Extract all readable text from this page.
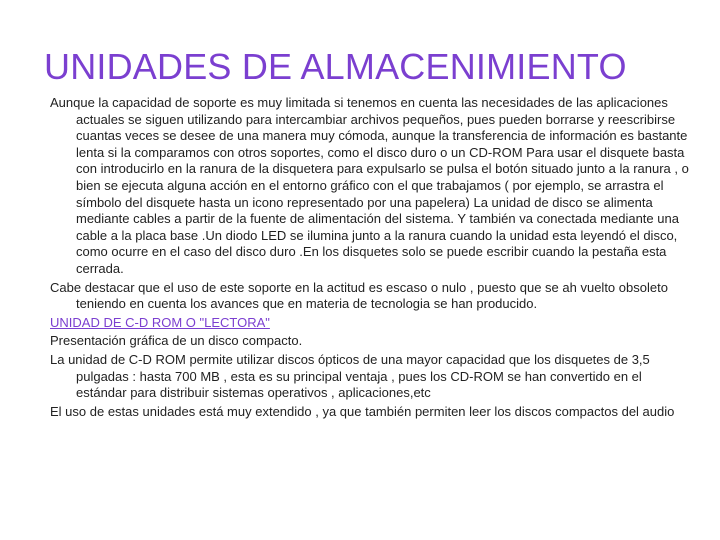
UNIDADES DE ALMACENIMIENTO

Aunque la capacidad de soporte es muy limitada si tenemos en cuenta las necesidades de las aplicaciones actuales se siguen utilizando para intercambiar archivos pequeños, pues pueden borrarse y reescribirse cuantas veces se desee de una manera muy cómoda, aunque la transferencia de información es bastante lenta si la comparamos con otros soportes, como el disco duro o un CD-ROM Para usar el disquete basta con introducirlo en la ranura de la disquetera para expulsarlo se pulsa el botón situado junto a la ranura , o bien se ejecuta alguna acción en el entorno gráfico con el que trabajamos ( por ejemplo, se arrastra el símbolo del disquete hasta un icono representado por una papelera) La unidad de disco se alimenta mediante cables a partir de la fuente de alimentación del sistema. Y también va conectada mediante una cable a la placa base .Un diodo LED se ilumina junto a la ranura cuando la unidad esta leyendó el disco, como ocurre en el caso del disco duro .En los disquetes solo se puede escribir cuando la pestaña esta cerrada.

Cabe destacar que el uso de este soporte en la actitud es escaso o nulo , puesto que se ah vuelto obsoleto teniendo en cuenta los avances que en materia de tecnologia se han producido.

UNIDAD DE C-D ROM O "LECTORA"

Presentación gráfica de un disco compacto.

La unidad de C-D ROM permite utilizar discos ópticos de una mayor capacidad que los disquetes de 3,5 pulgadas : hasta 700 MB , esta es su principal ventaja , pues los CD-ROM se han convertido en el estándar para distribuir sistemas operativos , aplicaciones,etc

El uso de estas unidades está muy extendido , ya que también permiten leer los discos compactos del audio
